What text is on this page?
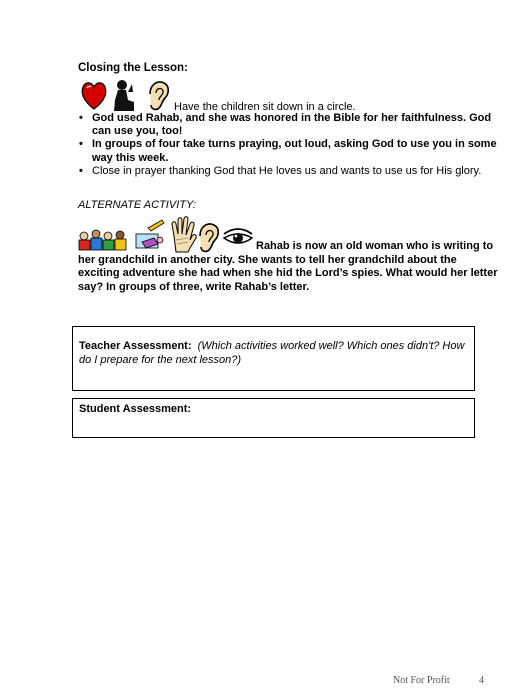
Closing the Lesson:
Have the children sit down in a circle.
• God used Rahab, and she was honored in the Bible for her faithfulness. God can use you, too!
• In groups of four take turns praying, out loud, asking God to use you in some way this week.
• Close in prayer thanking God that He loves us and wants to use us for His glory.
ALTERNATE ACTIVITY:
Rahab is now an old woman who is writing to her grandchild in another city. She wants to tell her grandchild about the exciting adventure she had when she hid the Lord’s spies. What would her letter say? In groups of three, write Rahab’s letter.
Teacher Assessment: (Which activities worked well? Which ones didn't? How do I prepare for the next lesson?)
Student Assessment:
Not For Profit	4
